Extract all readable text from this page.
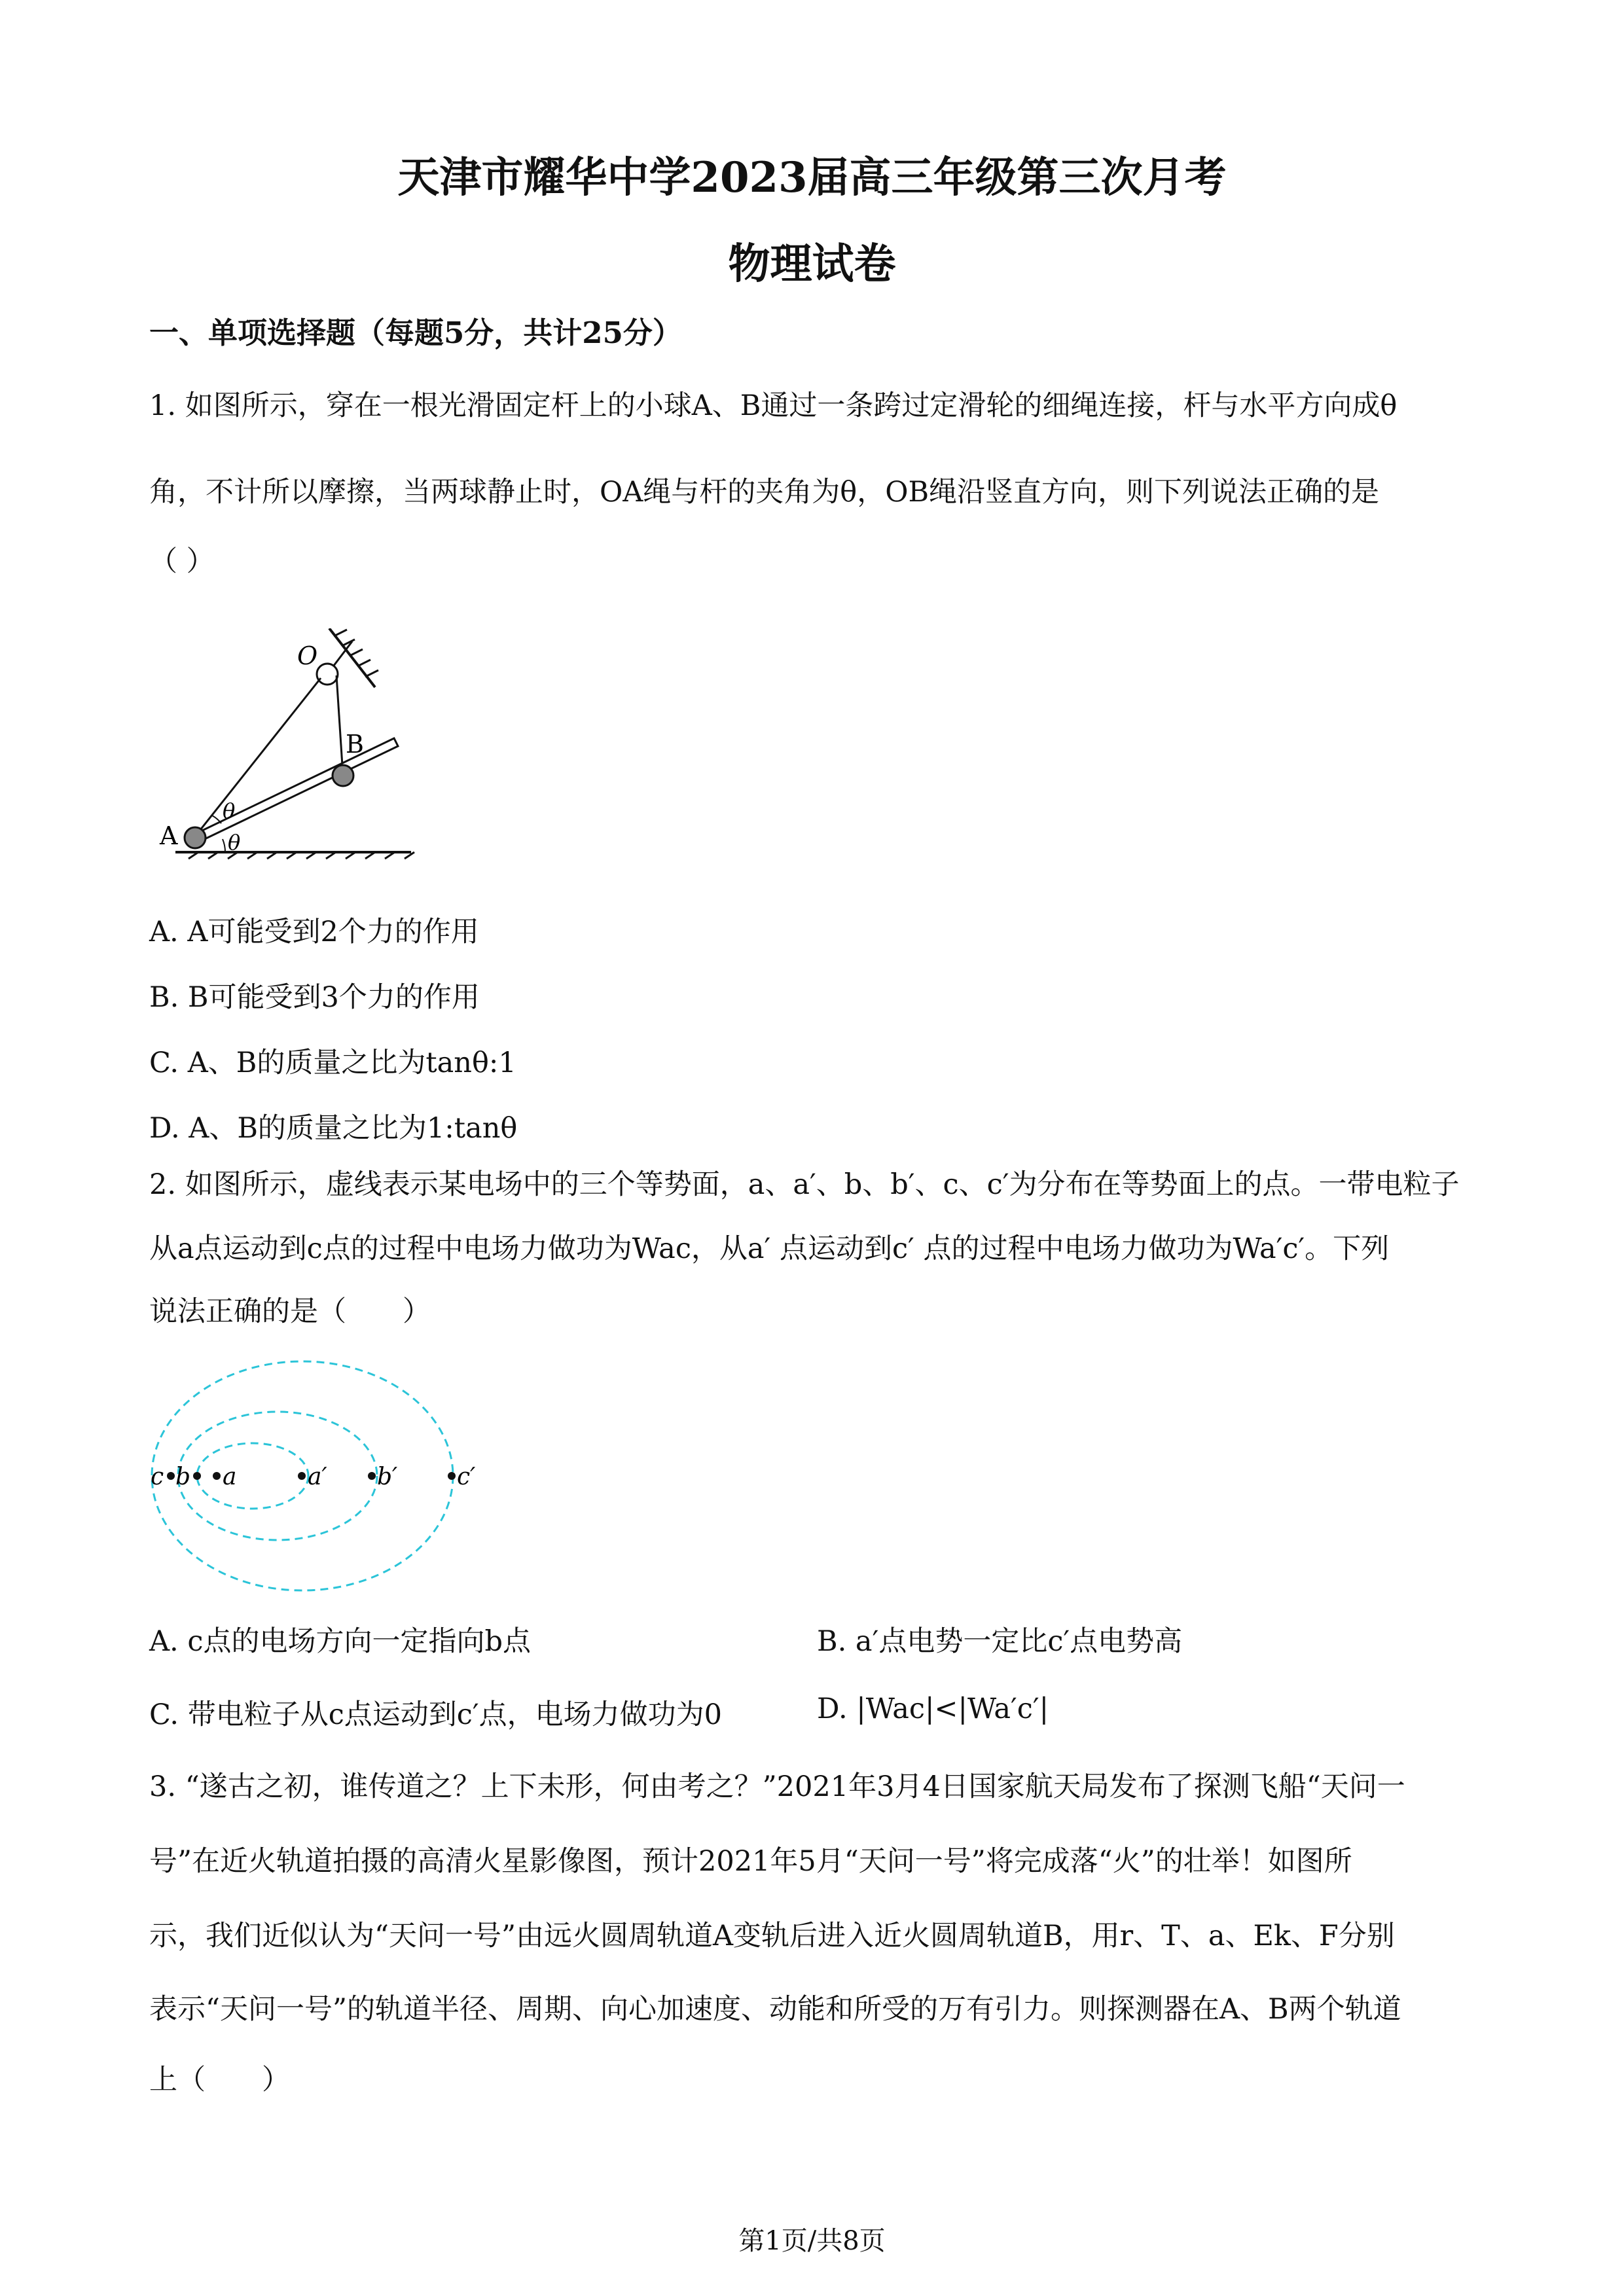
天津市耀华中学2023届高三年级第三次月考
物理试卷
一、单项选择题（每题5分，共计25分）
1. 如图所示，穿在一根光滑固定杆上的小球A、B通过一条跨过定滑轮的细绳连接，杆与水平方向成θ
角，不计所以摩擦，当两球静止时，OA绳与杆的夹角为θ，OB绳沿竖直方向，则下列说法正确的是
（ ）
O
B
A
θ
θ
A. A可能受到2个力的作用
B. B可能受到3个力的作用
C. A、B的质量之比为tanθ:1
D. A、B的质量之比为1:tanθ
2. 如图所示，虚线表示某电场中的三个等势面，a、a′、b、b′、c、c′为分布在等势面上的点。一带电粒子
从a点运动到c点的过程中电场力做功为Wac，从a′ 点运动到c′ 点的过程中电场力做功为Wa′c′。下列
说法正确的是（　　）
c b a	a′ b′	c′
A. c点的电场方向一定指向b点	B. a′点电势一定比c′点电势高
C. 带电粒子从c点运动到c′点，电场力做功为0	D. |Wac|<|Wa′c′|
3. “遂古之初，谁传道之？上下未形，何由考之？”2021年3月4日国家航天局发布了探测飞船“天问一
号”在近火轨道拍摄的高清火星影像图，预计2021年5月“天问一号”将完成落“火”的壮举！如图所
示，我们近似认为“天问一号”由远火圆周轨道A变轨后进入近火圆周轨道B，用r、T、a、Ek、F分别
表示“天问一号”的轨道半径、周期、向心加速度、动能和所受的万有引力。则探测器在A、B两个轨道
上（　　）
第1页/共8页
